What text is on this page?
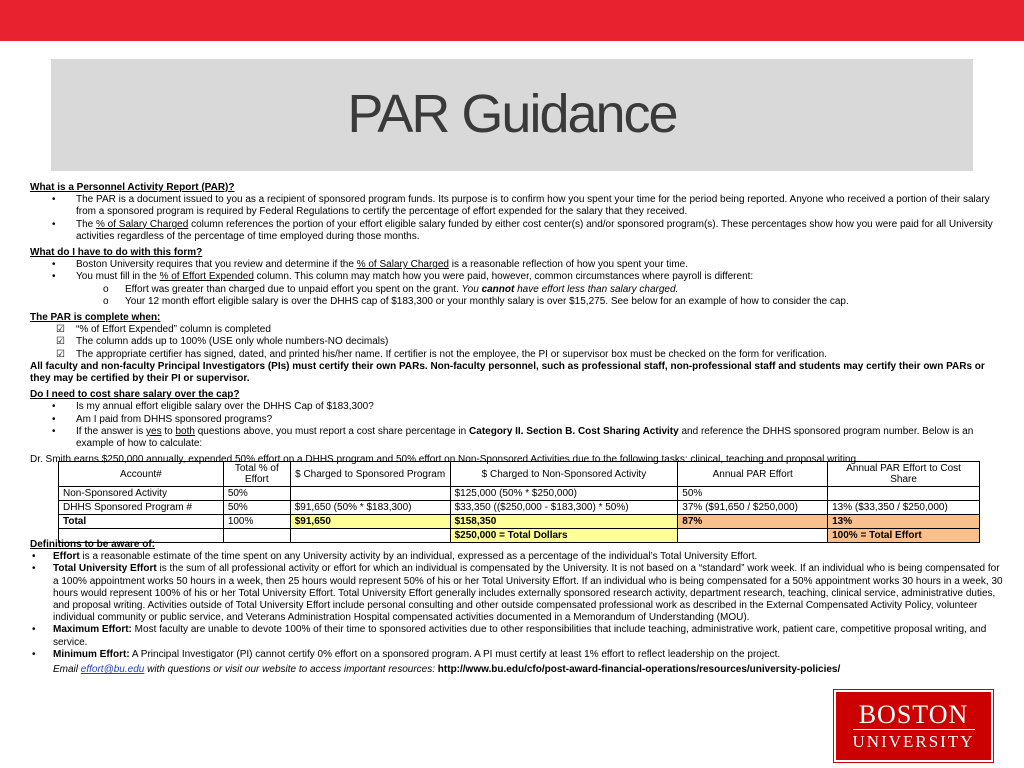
PAR Guidance
What is a Personnel Activity Report (PAR)?
• The PAR is a document issued to you as a recipient of sponsored program funds. Its purpose is to confirm how you spent your time for the period being reported. Anyone who received a portion of their salary from a sponsored program is required by Federal Regulations to certify the percentage of effort expended for the salary that they received.
• The % of Salary Charged column references the portion of your effort eligible salary funded by either cost center(s) and/or sponsored program(s). These percentages show how you were paid for all University activities regardless of the percentage of time employed during those months.
What do I have to do with this form?
• Boston University requires that you review and determine if the % of Salary Charged is a reasonable reflection of how you spent your time.
• You must fill in the % of Effort Expended column. This column may match how you were paid, however, common circumstances where payroll is different:
o Effort was greater than charged due to unpaid effort you spent on the grant. You cannot have effort less than salary charged.
o Your 12 month effort eligible salary is over the DHHS cap of $183,300 or your monthly salary is over $15,275. See below for an example of how to consider the cap.
The PAR is complete when:
☑ “% of Effort Expended” column is completed
☑ The column adds up to 100% (USE only whole numbers-NO decimals)
☑ The appropriate certifier has signed, dated, and printed his/her name. If certifier is not the employee, the PI or supervisor box must be checked on the form for verification.
All faculty and non-faculty Principal Investigators (PIs) must certify their own PARs. Non-faculty personnel, such as professional staff, non-professional staff and students may certify their own PARs or they may be certified by their PI or supervisor.
Do I need to cost share salary over the cap?
• Is my annual effort eligible salary over the DHHS Cap of $183,300?
• Am I paid from DHHS sponsored programs?
• If the answer is yes to both questions above, you must report a cost share percentage in Category II. Section B. Cost Sharing Activity and reference the DHHS sponsored program number. Below is an example of how to calculate:
Dr. Smith earns $250,000 annually, expended 50% effort on a DHHS program and 50% effort on Non-Sponsored Activities due to the following tasks: clinical, teaching and proposal writing.
Account#	Total % of Effort	$ Charged to Sponsored Program	$ Charged to Non-Sponsored Activity	Annual PAR Effort	Annual PAR Effort to Cost Share
Non-Sponsored Activity	50%		$125,000 (50% * $250,000)	50%	
DHHS Sponsored Program #	50%	$91,650 (50% * $183,300)	$33,350 (($250,000 - $183,300) * 50%)	37% ($91,650 / $250,000)	13% ($33,350 / $250,000)
Total	100%	$91,650	$158,350	87%	13%
			$250,000 = Total Dollars		100% = Total Effort
Definitions to be aware of:
• Effort is a reasonable estimate of the time spent on any University activity by an individual, expressed as a percentage of the individual’s Total University Effort.
• Total University Effort is the sum of all professional activity or effort for which an individual is compensated by the University. It is not based on a “standard” work week. If an individual who is being compensated for a 100% appointment works 50 hours in a week, then 25 hours would represent 50% of his or her Total University Effort. If an individual who is being compensated for a 50% appointment works 30 hours in a week, 30 hours would represent 100% of his or her Total University Effort. Total University Effort generally includes externally sponsored research activity, department research, teaching, clinical service, administrative duties, and proposal writing. Activities outside of Total University Effort include personal consulting and other outside compensated professional work as described in the External Compensated Activity Policy, volunteer individual community or public service, and Veterans Administration Hospital compensated activities documented in a Memorandum of Understanding (MOU).
• Maximum Effort: Most faculty are unable to devote 100% of their time to sponsored activities due to other responsibilities that include teaching, administrative work, patient care, competitive proposal writing, and service.
• Minimum Effort: A Principal Investigator (PI) cannot certify 0% effort on a sponsored program. A PI must certify at least 1% effort to reflect leadership on the project.
Email effort@bu.edu with questions or visit our website to access important resources: http://www.bu.edu/cfo/post-award-financial-operations/resources/university-policies/
BOSTON
UNIVERSITY
